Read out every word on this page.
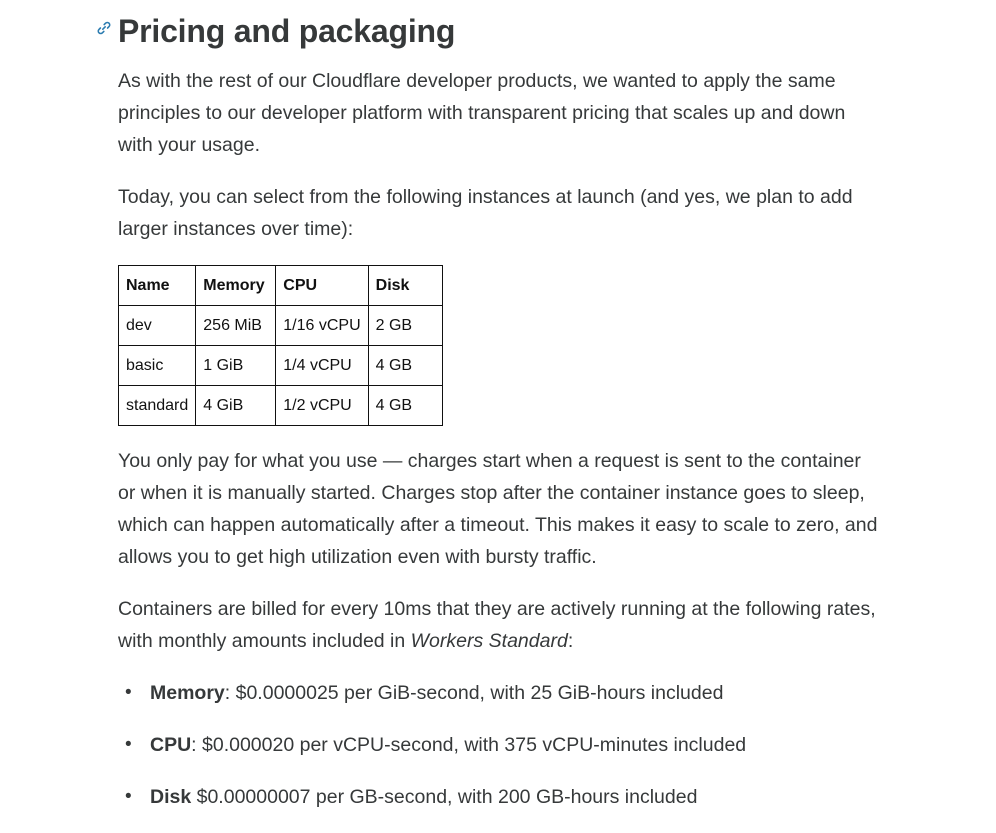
Pricing and packaging

As with the rest of our Cloudflare developer products, we wanted to apply the same principles to our developer platform with transparent pricing that scales up and down with your usage.

Today, you can select from the following instances at launch (and yes, we plan to add larger instances over time):

Name	Memory	CPU	Disk
dev	256 MiB	1/16 vCPU	2 GB
basic	1 GiB	1/4 vCPU	4 GB
standard	4 GiB	1/2 vCPU	4 GB

You only pay for what you use — charges start when a request is sent to the container or when it is manually started. Charges stop after the container instance goes to sleep, which can happen automatically after a timeout. This makes it easy to scale to zero, and allows you to get high utilization even with bursty traffic.

Containers are billed for every 10ms that they are actively running at the following rates, with monthly amounts included in Workers Standard:

• Memory: $0.0000025 per GiB-second, with 25 GiB-hours included
• CPU: $0.000020 per vCPU-second, with 375 vCPU-minutes included
• Disk $0.00000007 per GB-second, with 200 GB-hours included
